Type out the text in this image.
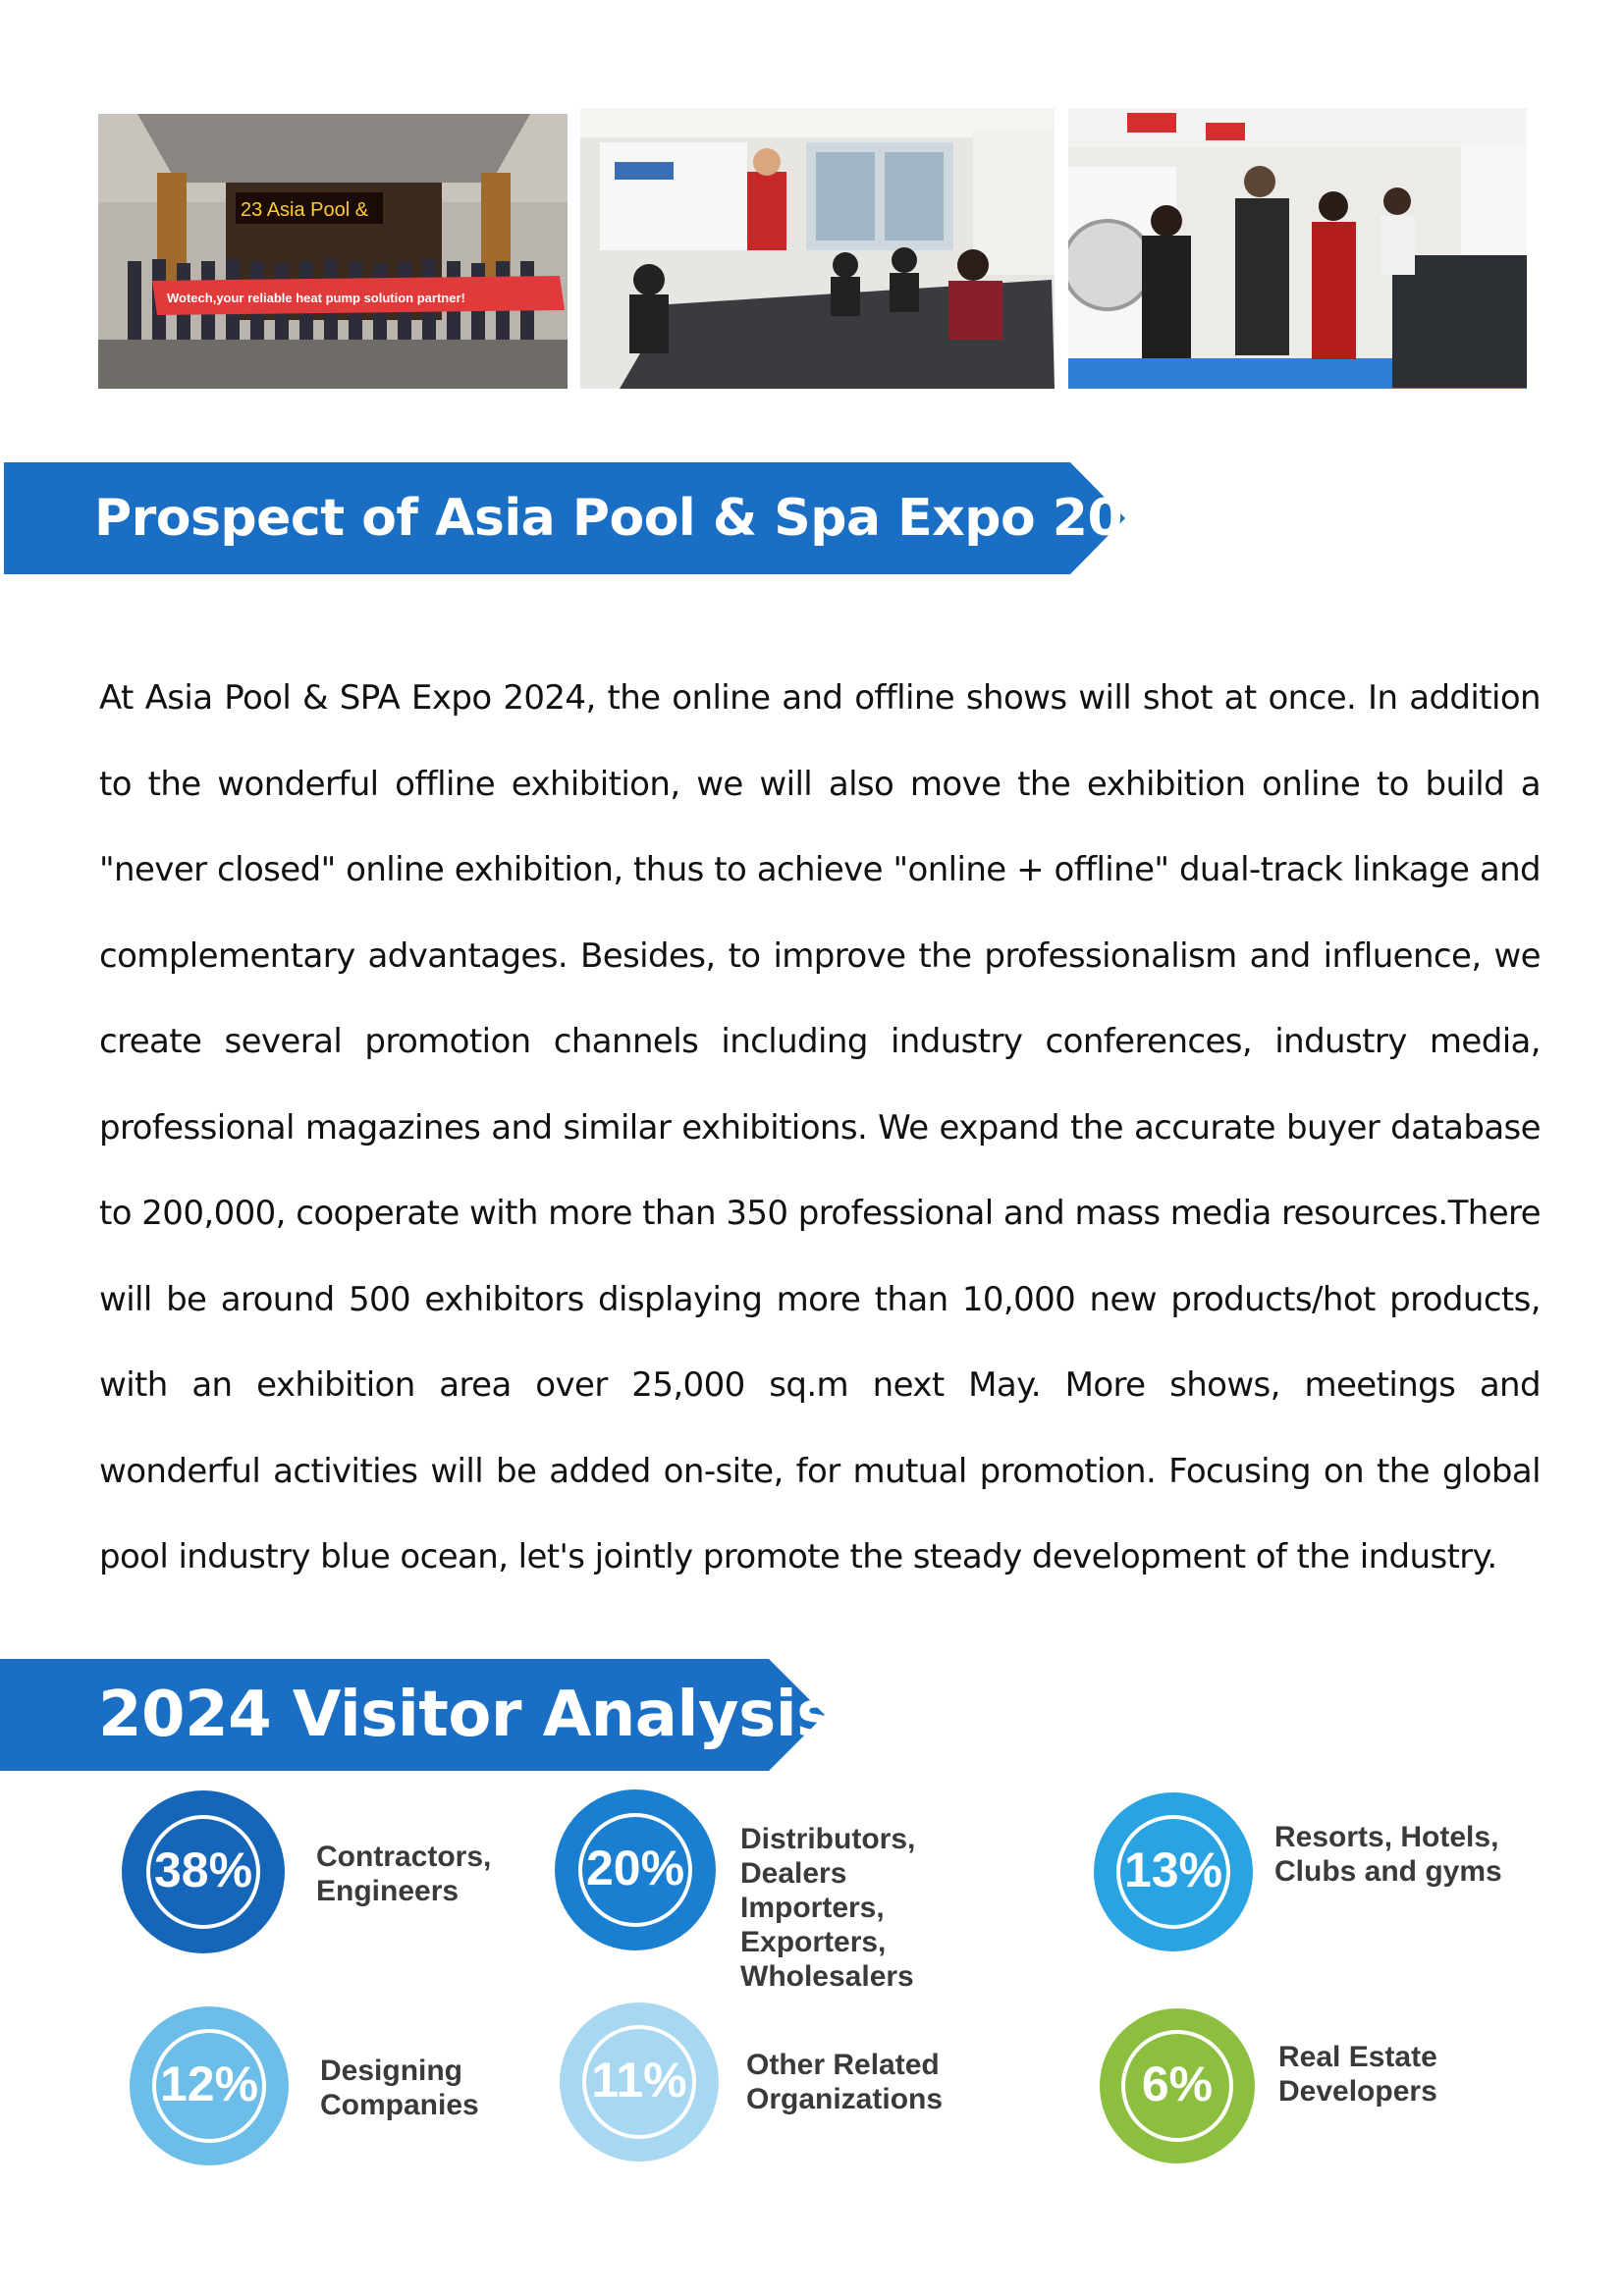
23 Asia Pool &
Wotech,your reliable heat pump solution partner!
Prospect of Asia Pool & Spa Expo 2024
At Asia Pool & SPA Expo 2024, the online and offline shows will shot at once. In addition to the wonderful offline exhibition, we will also move the exhibition online to build a "never closed" online exhibition, thus to achieve "online + offline" dual-track linkage and complementary advantages. Besides, to improve the professionalism and influence, we create several promotion channels including industry conferences, industry media, professional magazines and similar exhibitions. We expand the accurate buyer database to 200,000, cooperate with more than 350 professional and mass media resources.There will be around 500 exhibitors displaying more than 10,000 new products/hot products, with an exhibition area over 25,000 sq.m next May. More shows, meetings and wonderful activities will be added on-site, for mutual promotion. Focusing on the global pool industry blue ocean, let's jointly promote the steady development of the industry.
2024 Visitor Analysis
38% Contractors,
Engineers	20%
Distributors, Dealers
Importers, Exporters,
Wholesalers
13%
Resorts, Hotels,
Clubs and gyms
12% Designing
Companies 11% Other Related
Organizations	6% Real Estate
Developers
